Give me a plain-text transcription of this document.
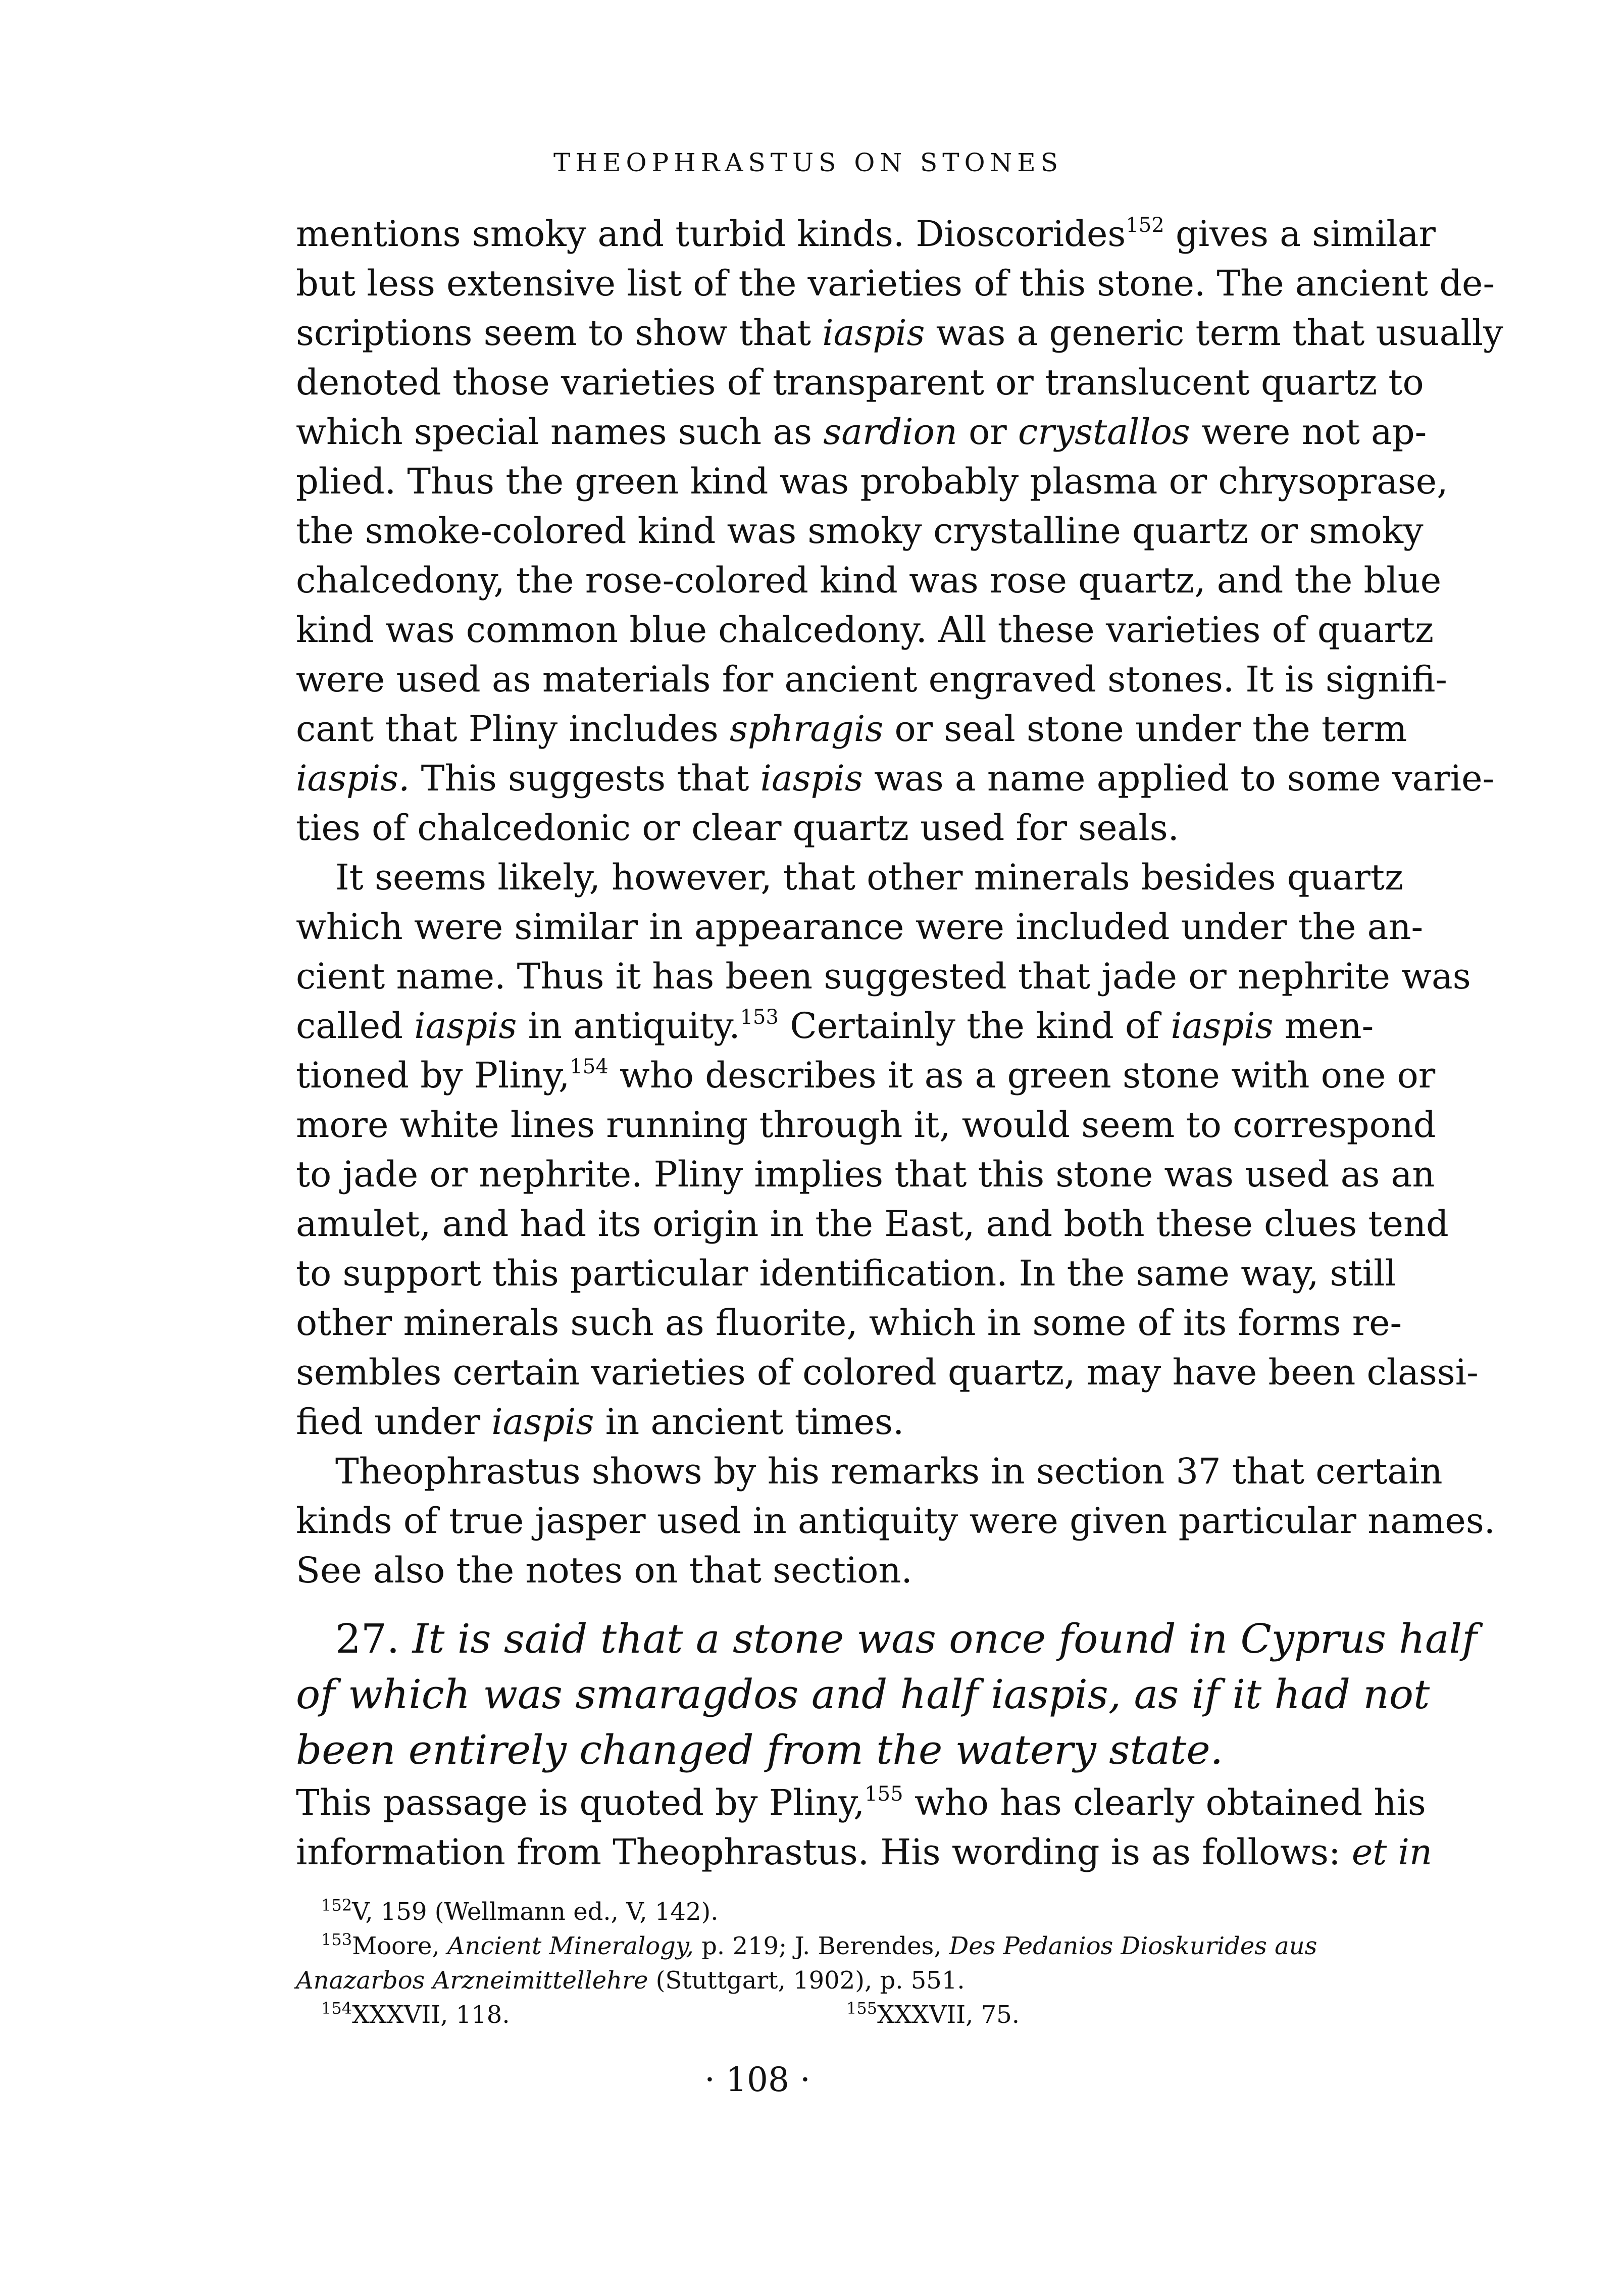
THEOPHRASTUS ON STONES
mentions smoky and turbid kinds. Dioscorides$^{152}$ gives a similar
but less extensive list of the varieties of this stone. The ancient de-
scriptions seem to show that iaspis was a generic term that usually
denoted those varieties of transparent or translucent quartz to
which special names such as sardion or crystallos were not ap-
plied. Thus the green kind was probably plasma or chrysoprase,
the smoke-colored kind was smoky crystalline quartz or smoky
chalcedony, the rose-colored kind was rose quartz, and the blue
kind was common blue chalcedony. All these varieties of quartz
were used as materials for ancient engraved stones. It is signifi-
cant that Pliny includes sphragis or seal stone under the term
iaspis. This suggests that iaspis was a name applied to some varie-
ties of chalcedonic or clear quartz used for seals.
It seems likely, however, that other minerals besides quartz
which were similar in appearance were included under the an-
cient name. Thus it has been suggested that jade or nephrite was
called iaspis in antiquity.$^{153}$ Certainly the kind of iaspis men-
tioned by Pliny,$^{154}$ who describes it as a green stone with one or
more white lines running through it, would seem to correspond
to jade or nephrite. Pliny implies that this stone was used as an
amulet, and had its origin in the East, and both these clues tend
to support this particular identification. In the same way, still
other minerals such as fluorite, which in some of its forms re-
sembles certain varieties of colored quartz, may have been classi-
fied under iaspis in ancient times.
Theophrastus shows by his remarks in section 37 that certain
kinds of true jasper used in antiquity were given particular names.
See also the notes on that section.
27. It is said that a stone was once found in Cyprus half
of which was smaragdos and half iaspis, as if it had not
been entirely changed from the watery state.
This passage is quoted by Pliny,$^{155}$ who has clearly obtained his
information from Theophrastus. His wording is as follows: et in
$^{152}$V, 159 (Wellmann ed., V, 142).
$^{153}$Moore, Ancient Mineralogy, p. 219; J. Berendes, Des Pedanios Dioskurides aus
Anazarbos Arzneimittellehre (Stuttgart, 1902), p. 551.
$^{154}$XXXVII, 118.	$^{155}$XXXVII, 75.
· 108 ·
